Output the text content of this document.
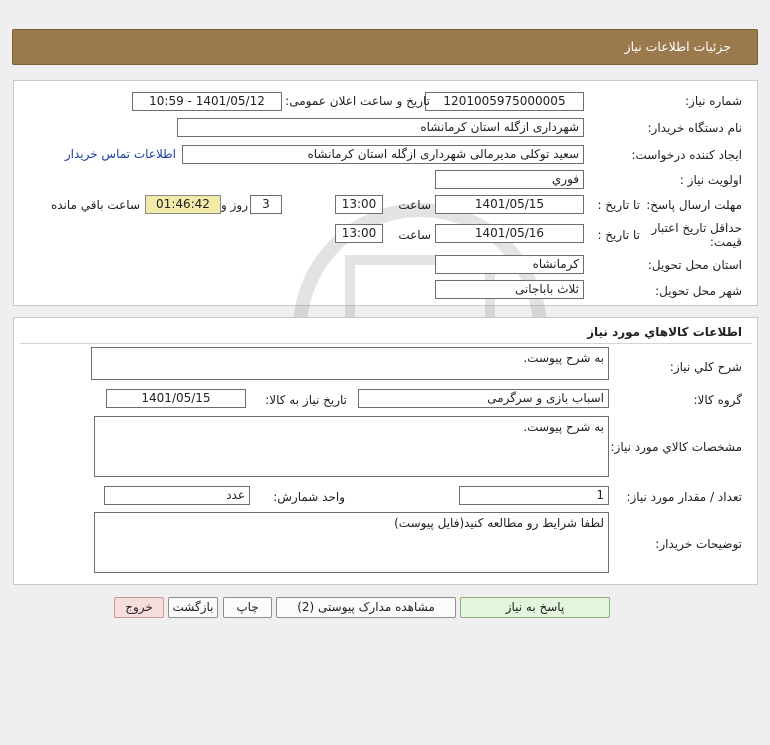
جزئیات اطلاعات نیاز
شماره نیاز:
1201005975000005
تاریخ و ساعت اعلان عمومی:
1401/05/12 - 10:59
نام دستگاه خریدار:
شهرداری ازگله استان کرمانشاه
ایجاد کننده درخواست:
سعید توکلی مدیرمالی شهرداری ازگله استان کرمانشاه
اطلاعات تماس خریدار
اولویت نیاز :
فوري
مهلت ارسال پاسخ:
تا تاریخ :
1401/05/15
ساعت
13:00
3
روز و
01:46:42
ساعت باقي مانده
حداقل تاریخ اعتبار
قیمت:
تا تاریخ :
1401/05/16
ساعت
13:00
استان محل تحویل:
کرمانشاه
شهر محل تحویل:
ثلاث باباجانی
اطلاعات کالاهاي مورد نياز
شرح کلي نياز:
به شرح پیوست.
گروه کالا:
اسباب بازی و سرگرمی
تاریخ نیاز به کالا:
1401/05/15
مشخصات کالاي مورد نياز:
به شرح پیوست.
تعداد / مقدار مورد نیاز:
1
واحد شمارش:
عدد
توضیحات خریدار:
لطفا شرایط رو مطالعه کنید(فایل پیوست)
پاسخ به نیاز
مشاهده مدارک پیوستی (2)
چاپ
بازگشت
خروج
